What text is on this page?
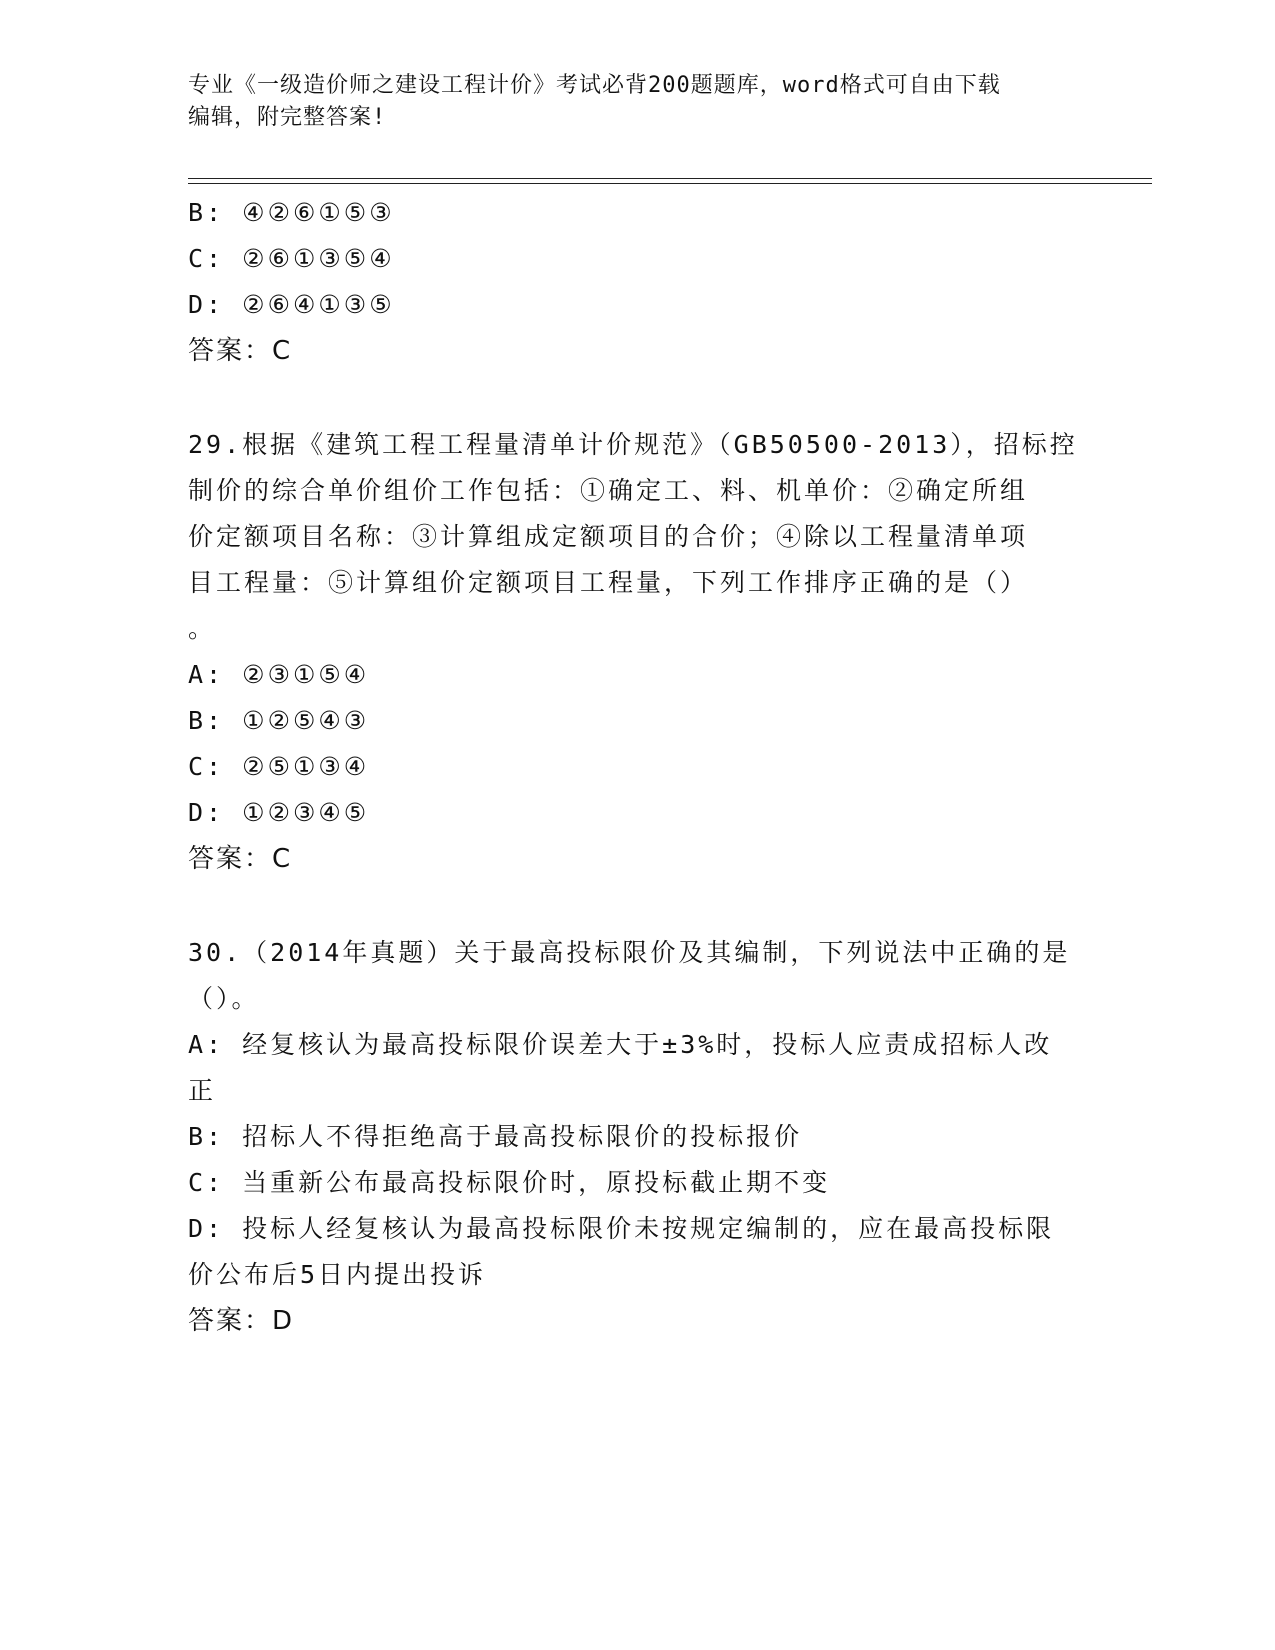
专业《一级造价师之建设工程计价》考试必背200题题库，word格式可自由下载
编辑，附完整答案!
B: ④②⑥①⑤③
C: ②⑥①③⑤④
D: ②⑥④①③⑤
答案：C
29.根据《建筑工程工程量清单计价规范》（GB50500-2013），招标控
制价的综合单价组价工作包括：①确定工、料、机单价：②确定所组
价定额项目名称：③计算组成定额项目的合价；④除以工程量清单项
目工程量：⑤计算组价定额项目工程量，下列工作排序正确的是（）
。
A: ②③①⑤④
B: ①②⑤④③
C: ②⑤①③④
D: ①②③④⑤
答案：C
30.（2014年真题）关于最高投标限价及其编制，下列说法中正确的是
（）。
A: 经复核认为最高投标限价误差大于±3%时，投标人应责成招标人改
正
B: 招标人不得拒绝高于最高投标限价的投标报价
C: 当重新公布最高投标限价时，原投标截止期不变
D: 投标人经复核认为最高投标限价未按规定编制的，应在最高投标限
价公布后5日内提出投诉
答案：D
